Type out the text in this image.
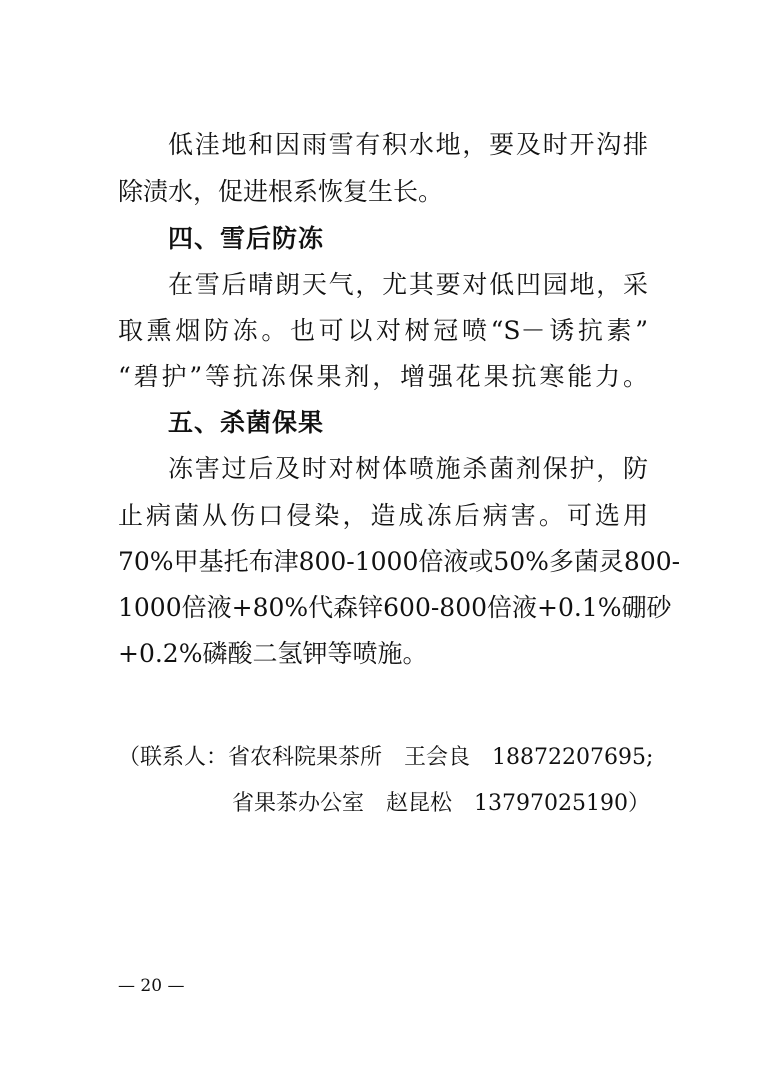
低洼地和因雨雪有积水地，要及时开沟排
除渍水，促进根系恢复生长。
四、雪后防冻
在雪后晴朗天气，尤其要对低凹园地，采
取熏烟防冻。也可以对树冠喷“S－诱抗素”
“碧护”等抗冻保果剂，增强花果抗寒能力。
五、杀菌保果
冻害过后及时对树体喷施杀菌剂保护，防
止病菌从伤口侵染，造成冻后病害。可选用
70%甲基托布津800-1000倍液或50%多菌灵800-
1000倍液+80%代森锌600-800倍液+0.1%硼砂
+0.2%磷酸二氢钾等喷施。
（联系人：省农科院果茶所　王会良　18872207695;
省果茶办公室　赵昆松　13797025190）
— 20 —
